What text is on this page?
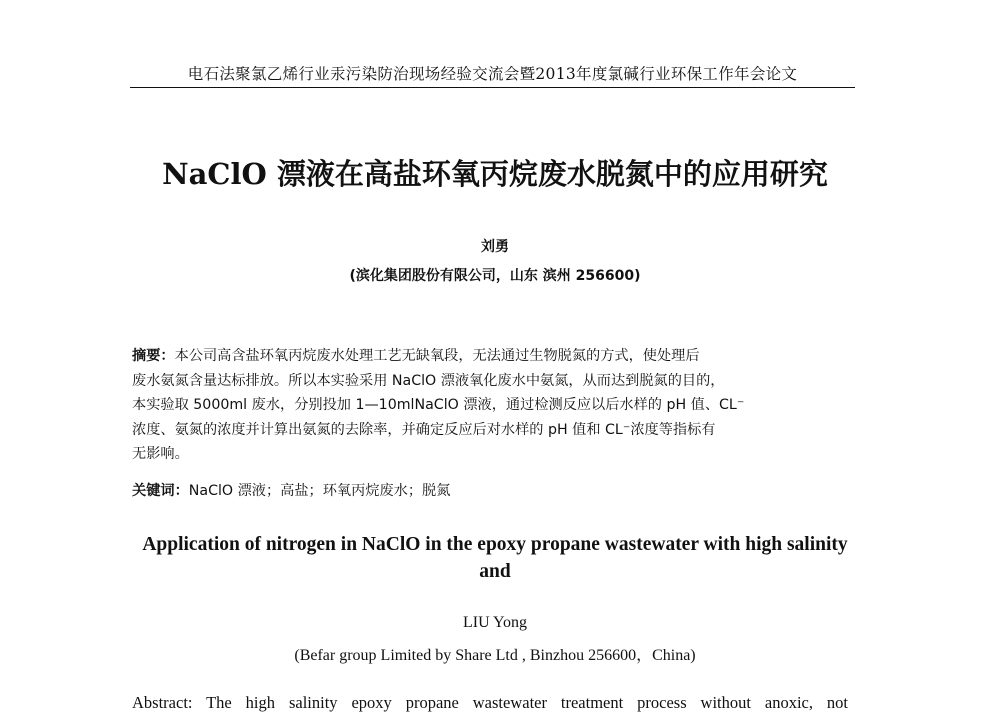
电石法聚氯乙烯行业汞污染防治现场经验交流会暨2013年度氯碱行业环保工作年会论文
NaClO 漂液在高盐环氧丙烷废水脱氮中的应用研究
刘勇
(滨化集团股份有限公司，山东 滨州 256600)
摘要：本公司高含盐环氧丙烷废水处理工艺无缺氧段，无法通过生物脱氮的方式，使处理后
废水氨氮含量达标排放。所以本实验采用 NaClO 漂液氧化废水中氨氮，从而达到脱氮的目的，
本实验取 5000ml 废水，分别投加 1—10mlNaClO 漂液，通过检测反应以后水样的 pH 值、CL⁻
浓度、氨氮的浓度并计算出氨氮的去除率，并确定反应后对水样的 pH 值和 CL⁻浓度等指标有
无影响。
关键词：NaClO 漂液；高盐；环氧丙烷废水；脱氮
Application of nitrogen in NaClO in the epoxy propane wastewater with high salinity and
LIU Yong
(Befar group Limited by Share Ltd , Binzhou 256600，China)
Abstract: The high salinity epoxy propane wastewater treatment process without anoxic, not
